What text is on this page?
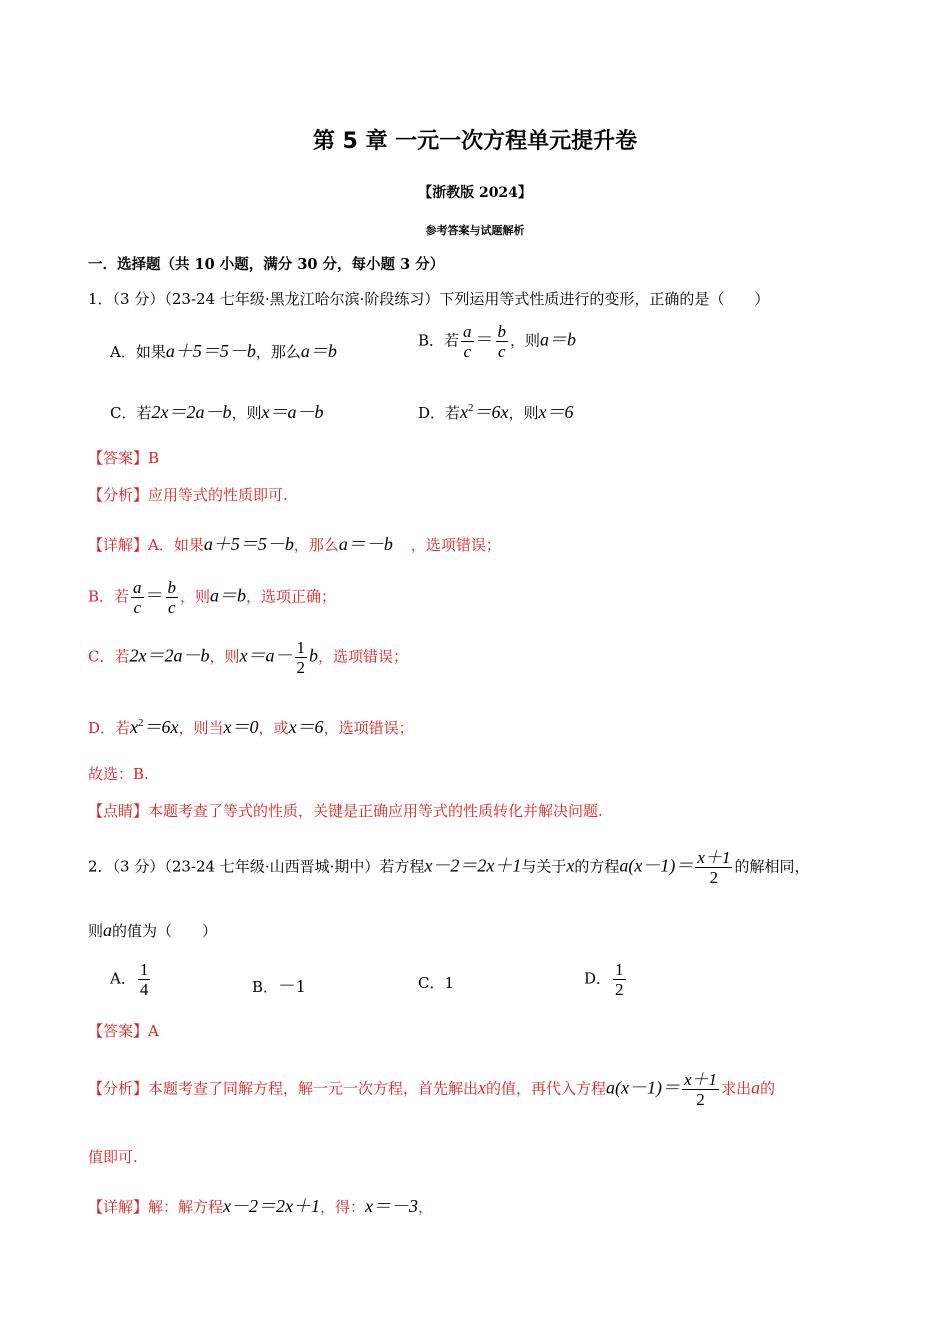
第 5 章 一元一次方程单元提升卷
【浙教版 2024】
参考答案与试题解析
一．选择题（共 10 小题，满分 30 分，每小题 3 分）
1．（3 分）（23-24 七年级·黑龙江哈尔滨·阶段练习）下列运用等式性质进行的变形，正确的是（　　）
A．如果a＋5＝5－b，那么a＝b
B．若 $\frac{a}{c} = \frac{b}{c}$ ，则a＝b
C．若2x＝2a－b，则x＝a－b	D．若$x^2=6x$，则x＝6
【答案】B
【分析】应用等式的性质即可.
【详解】A．如果a＋5＝5－b，那么a＝－b ，选项错误；
B．若 $\frac{a}{c} = \frac{b}{c}$ ，则a＝b，选项正确；
C．若2x＝2a－b，则$x=a- \frac{1}{2}$ b，选项错误；
D．若$x^2=6x$，则当x＝0，或x＝6，选项错误；
故选：B.
【点睛】本题考查了等式的性质，关键是正确应用等式的性质转化并解决问题.
2．（3 分）（23-24 七年级·山西晋城·期中）若方程x－2＝2x＋1与关于x的方程$a(x-1)= \frac{x+1}{2}$ 的解相同，
则a的值为（　　）
A． $\frac{1}{4}$	B．－1	C．1	D． $\frac{1}{2}$
【答案】A
【分析】本题考查了同解方程，解一元一次方程，首先解出x的值，再代入方程$a(x-1)= \frac{x+1}{2}$ 求出a的
值即可.
【详解】解：解方程x－2＝2x＋1，得：x＝－3，
